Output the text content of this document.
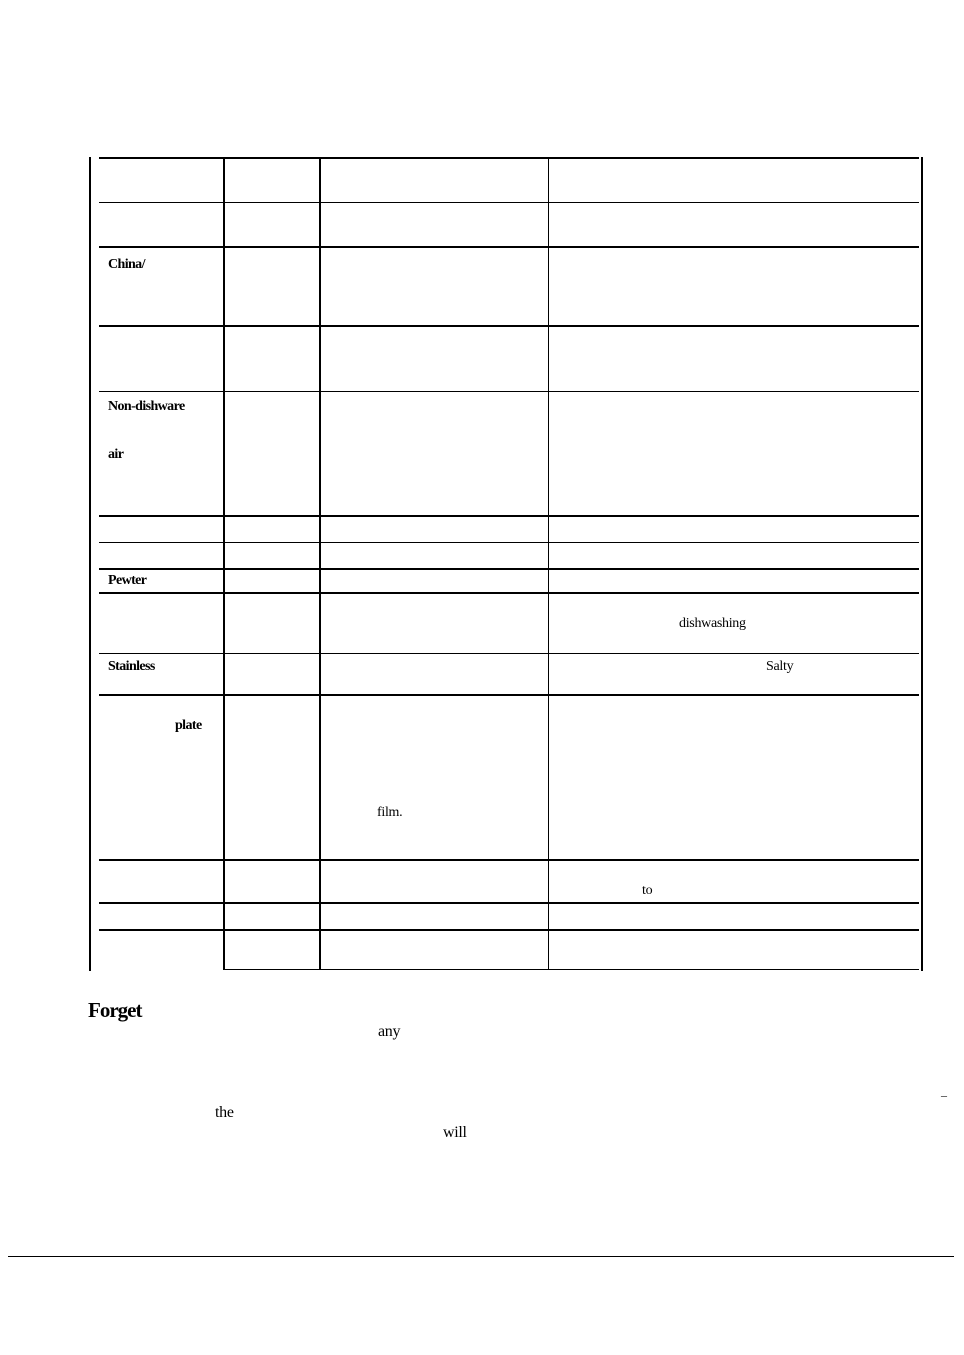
China/
Non-dishware
air
Pewter
dishwashing
Stainless	Salty
plate
film.
to
Forget
any
–
the
will
